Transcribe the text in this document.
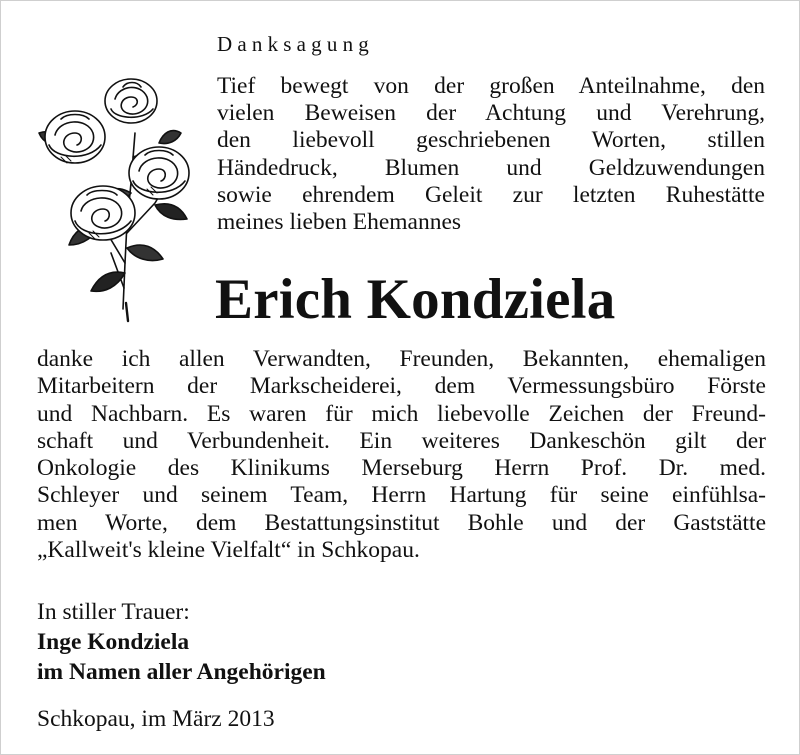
Danksagung
Tief bewegt von der großen Anteilnahme, den
vielen Beweisen der Achtung und Verehrung,
den liebevoll geschriebenen Worten, stillen
Händedruck, Blumen und Geldzuwendungen
sowie ehrendem Geleit zur letzten Ruhestätte
meines lieben Ehemannes
Erich Kondziela
danke ich allen Verwandten, Freunden, Bekannten, ehemaligen
Mitarbeitern der Markscheiderei, dem Vermessungsbüro Förste
und Nachbarn. Es waren für mich liebevolle Zeichen der Freund-
schaft und Verbundenheit. Ein weiteres Dankeschön gilt der
Onkologie des Klinikums Merseburg Herrn Prof. Dr. med.
Schleyer und seinem Team, Herrn Hartung für seine einfühlsa-
men Worte, dem Bestattungsinstitut Bohle und der Gaststätte
„Kallweit's kleine Vielfalt“ in Schkopau.
In stiller Trauer:
Inge Kondziela
im Namen aller Angehörigen
Schkopau, im März 2013
